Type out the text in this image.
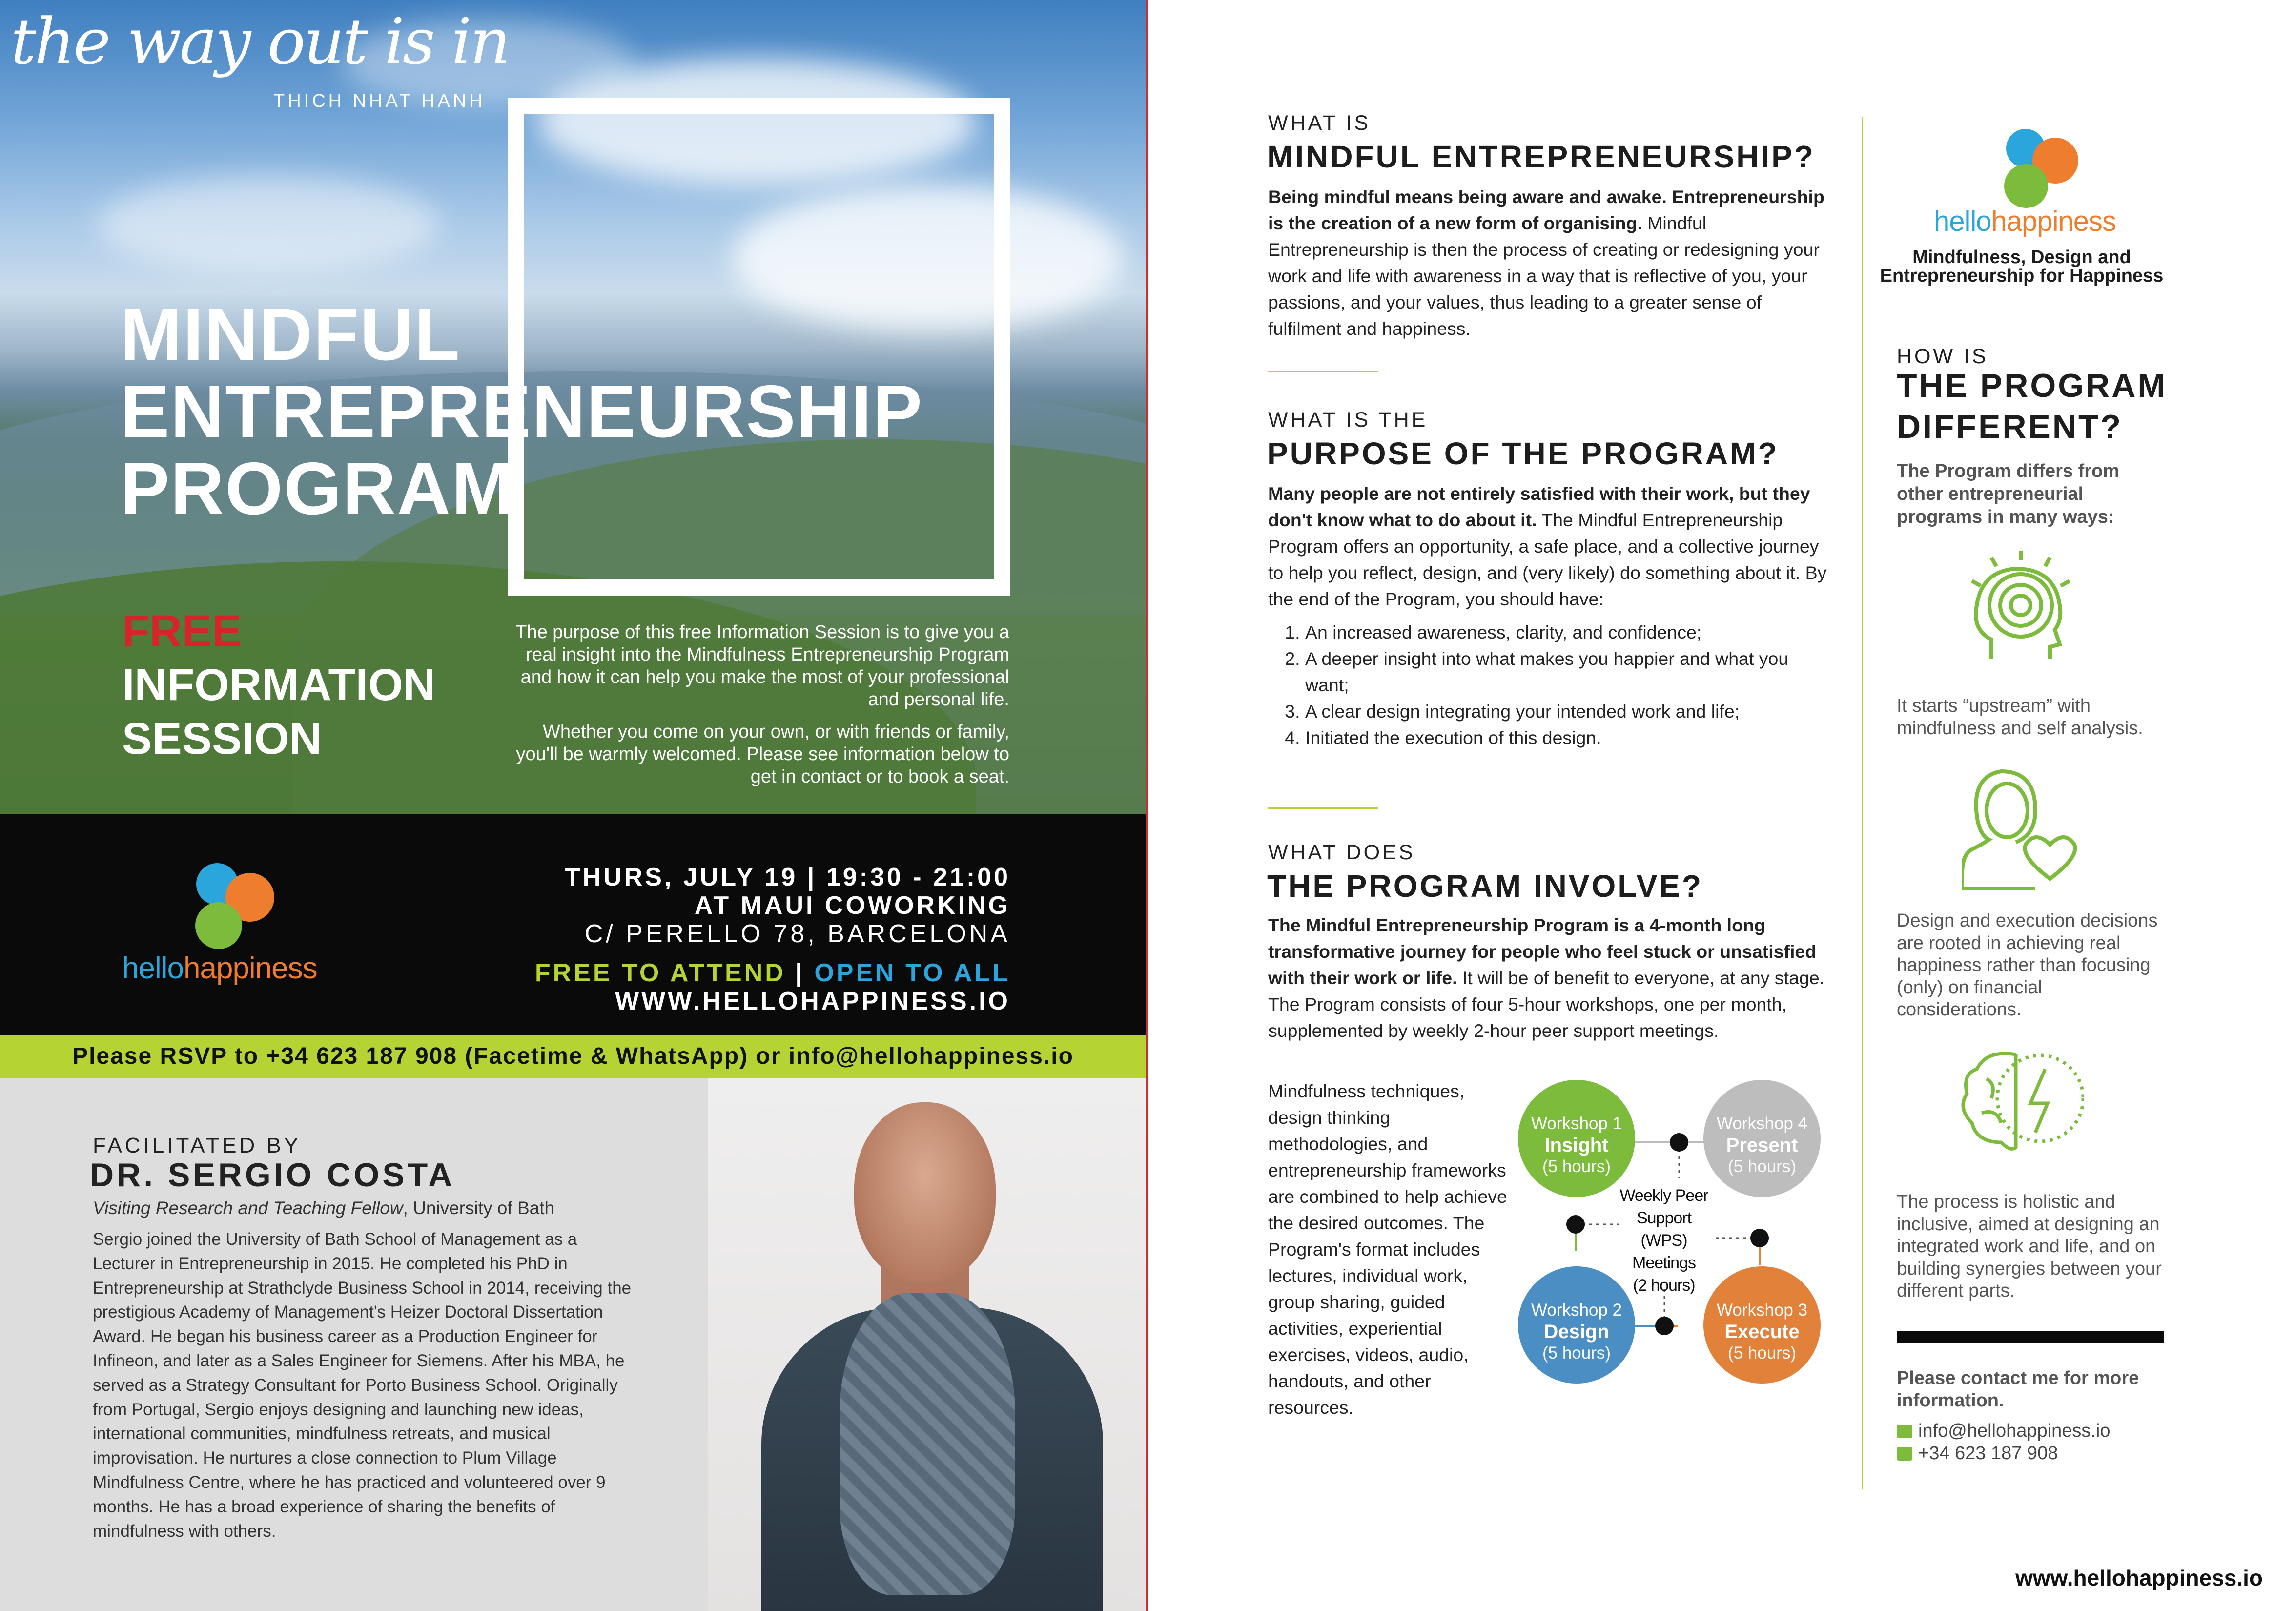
the way out is in
THICH NHAT HANH
MINDFUL
ENTREPRENEURSHIP
PROGRAM
FREE
INFORMATION
SESSION

The purpose of this free Information Session is to give you a real insight into the Mindfulness Entrepreneurship Program and how it can help you make the most of your professional and personal life.

Whether you come on your own, or with friends or family, you'll be warmly welcomed. Please see information below to get in contact or to book a seat.

hellohappiness
THURS, JULY 19 | 19:30 - 21:00
AT MAUI COWORKING
C/ PERELLO 78, BARCELONA
FREE TO ATTEND | OPEN TO ALL
WWW.HELLOHAPPINESS.IO
Please RSVP to +34 623 187 908 (Facetime & WhatsApp) or info@hellohappiness.io
FACILITATED BY
DR. SERGIO COSTA
Visiting Research and Teaching Fellow, University of Bath
Sergio joined the University of Bath School of Management as a Lecturer in Entrepreneurship in 2015. He completed his PhD in Entrepreneurship at Strathclyde Business School in 2014, receiving the prestigious Academy of Management's Heizer Doctoral Dissertation Award. He began his business career as a Production Engineer for Infineon, and later as a Sales Engineer for Siemens. After his MBA, he served as a Strategy Consultant for Porto Business School. Originally from Portugal, Sergio enjoys designing and launching new ideas, international communities, mindfulness retreats, and musical improvisation. He nurtures a close connection to Plum Village Mindfulness Centre, where he has practiced and volunteered over 9 months. He has a broad experience of sharing the benefits of mindfulness with others.
WHAT IS
MINDFUL ENTREPRENEURSHIP?
Being mindful means being aware and awake. Entrepreneurship is the creation of a new form of organising. Mindful Entrepreneurship is then the process of creating or redesigning your work and life with awareness in a way that is reflective of you, your passions, and your values, thus leading to a greater sense of fulfilment and happiness.
WHAT IS THE
PURPOSE OF THE PROGRAM?
Many people are not entirely satisfied with their work, but they don't know what to do about it. The Mindful Entrepreneurship Program offers an opportunity, a safe place, and a collective journey to help you reflect, design, and (very likely) do something about it. By the end of the Program, you should have:
1. An increased awareness, clarity, and confidence;
2. A deeper insight into what makes you happier and what you want;
3. A clear design integrating your intended work and life;
4. Initiated the execution of this design.
WHAT DOES
THE PROGRAM INVOLVE?
The Mindful Entrepreneurship Program is a 4-month long transformative journey for people who feel stuck or unsatisfied with their work or life. It will be of benefit to everyone, at any stage. The Program consists of four 5-hour workshops, one per month, supplemented by weekly 2-hour peer support meetings.
Mindfulness techniques, design thinking methodologies, and entrepreneurship frameworks are combined to help achieve the desired outcomes. The Program's format includes lectures, individual work, group sharing, guided activities, experiential exercises, videos, audio, handouts, and other resources.
Workshop 1
Insight
(5 hours)
Workshop 4
Present
(5 hours)
Workshop 2
Design
(5 hours)
Workshop 3
Execute
(5 hours)
Weekly Peer
Support (WPS)
Meetings
(2 hours)
hellohappiness
Mindfulness, Design and Entrepreneurship for Happiness
HOW IS
THE PROGRAM
DIFFERENT?
The Program differs from other entrepreneurial programs in many ways:
It starts “upstream” with mindfulness and self analysis.
Design and execution decisions are rooted in achieving real happiness rather than focusing (only) on financial considerations.
The process is holistic and inclusive, aimed at designing an integrated work and life, and on building synergies between your different parts.
Please contact me for more information.
info@hellohappiness.io
+34 623 187 908
www.hellohappiness.io
